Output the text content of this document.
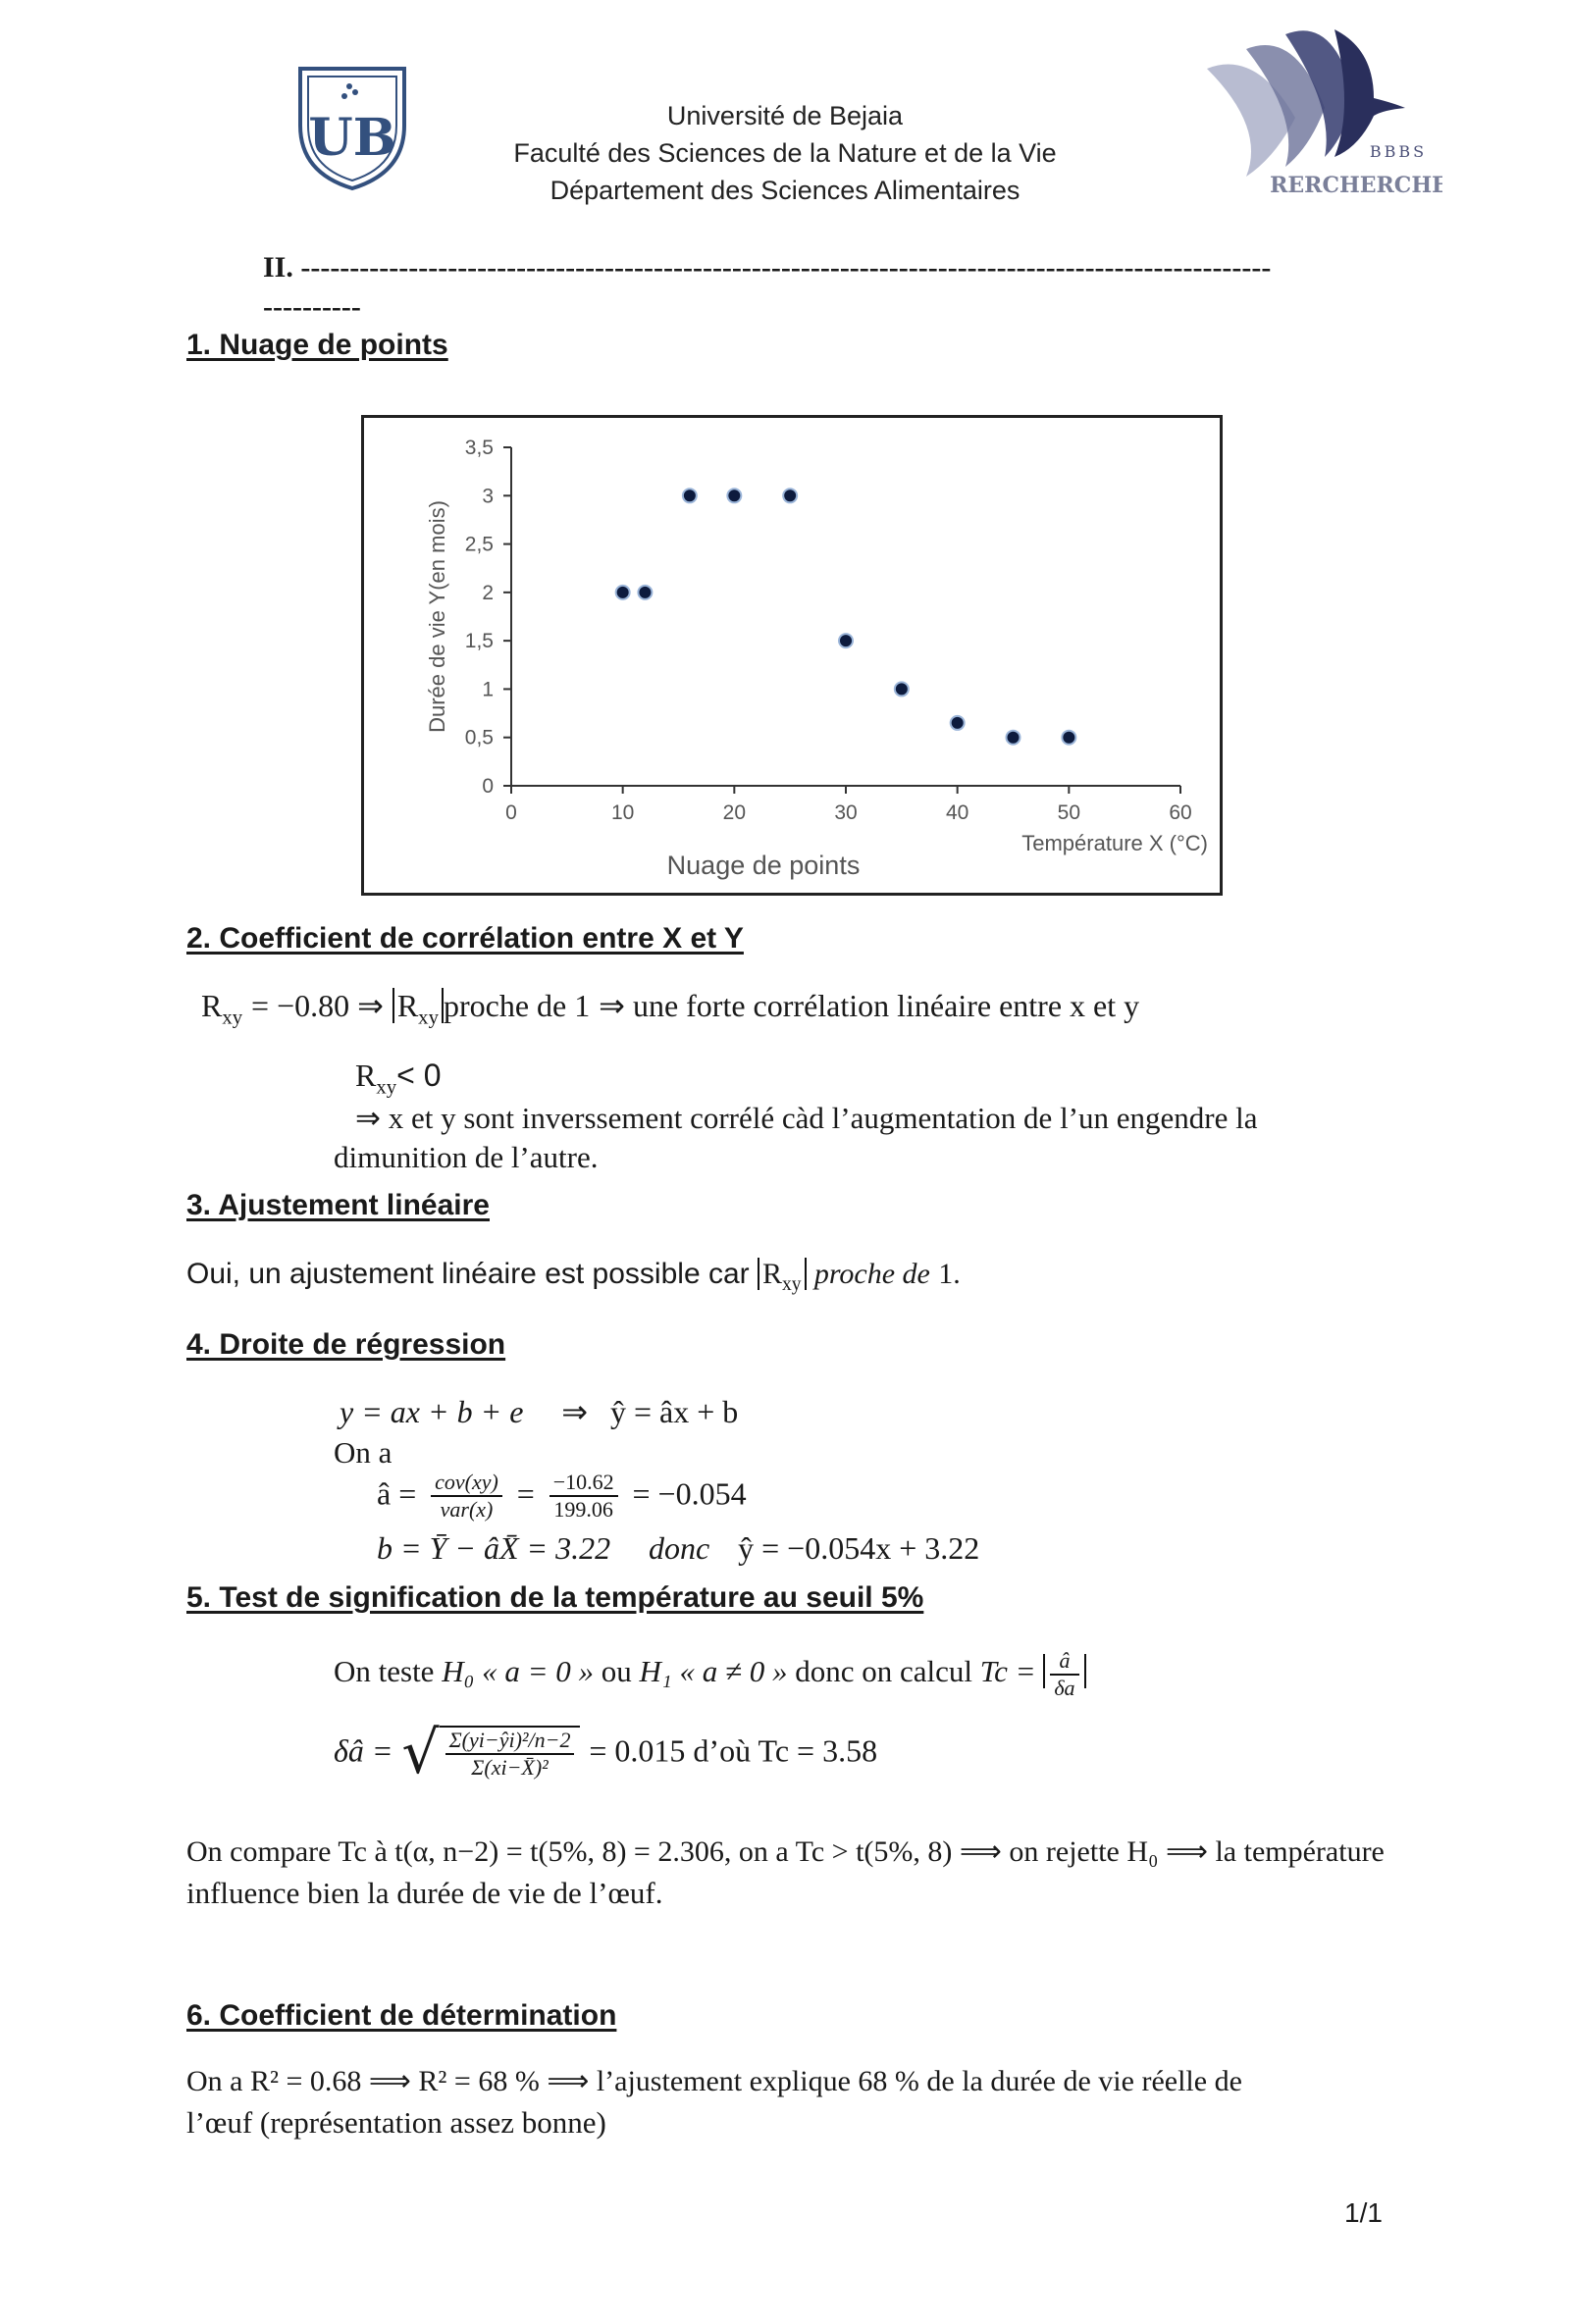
UB	Université de Bejaia
Faculté des Sciences de la Nature et de la Vie
Département des Sciences Alimentaires
BBBS
RERCHERCHE
II. ---------------------------------------------------------------------------------------------------
----------
1. Nuage de points
0	10	20	30	40	50	60
0
0,5
1
1,5
2
2,5
3
3,5
Température X (°C)
Durée de vie Y(en mois)
Nuage de points
2. Coefficient de corrélation entre X et Y
$R_{xy} = -0.80$ ⇒ $R_{xy}$ proche de 1 ⇒ une forte corrélation linéaire entre x et y
$R_{xy}< 0$
⇒ x et y sont inverssement corrélé càd l’augmentation de l’un engendre la
dimunition de l’autre.
3. Ajustement linéaire
Oui, un ajustement linéaire est possible car $R_{xy}$ proche de 1.
4. Droite de régression
y = ax + b + e ⇒ ŷ = âx + b
On a
â = $\frac{\text{cov(xy)}}{\text{var(x)}} = \frac{-10.62}{199.06} = -0.054$
b = Ȳ − âX̄ = 3.22 donc ŷ = −0.054x + 3.22
5. Test de signification de la température au seuil 5%
On teste H₀ « a = 0 » ou H₁ « a ≠ 0 » donc on calcul $Tc = \frac{â}{\delta a}$
δâ = √ $\frac{\text{Σ(yi−ŷi)²/n−2}}{\text{Σ(xi−X̄)²}} = 0.015$ d’où Tc = 3.58
On compare Tc à t(α, n−2) = t(5%, 8) = 2.306, on a Tc > t(5%, 8) ⟹ on rejette H₀ ⟹ la température
influence bien la durée de vie de l’œuf.
6. Coefficient de détermination
On a R² = 0.68 ⟹ R² = 68 % ⟹ l’ajustement explique 68 % de la durée de vie réelle de
l’œuf (représentation assez bonne)
1/1
